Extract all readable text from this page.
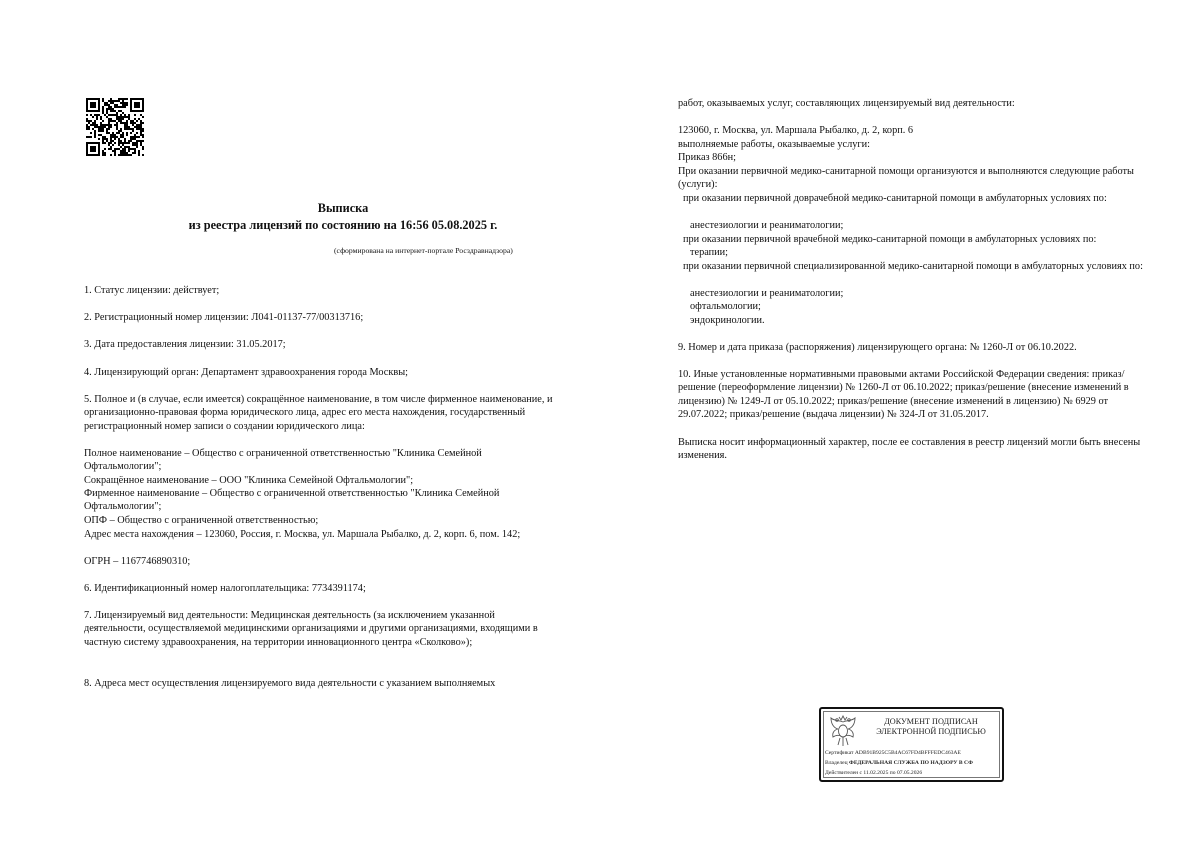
Выписка
из реестра лицензий по состоянию на 16:56 05.08.2025 г.
(сформирована на интернет-портале Росздравнадзора)

1. Статус лицензии: действует;

2. Регистрационный номер лицензии: Л041-01137-77/00313716;

3. Дата предоставления лицензии: 31.05.2017;

4. Лицензирующий орган: Департамент здравоохранения города Москвы;

5. Полное и (в случае, если имеется) сокращённое наименование, в том числе фирменное наименование, и организационно-правовая форма юридического лица, адрес его места нахождения, государственный регистрационный номер записи о создании юридического лица:

Полное наименование – Общество с ограниченной ответственностью "Клиника Семейной Офтальмологии";

Сокращённое наименование – ООО "Клиника Семейной Офтальмологии";

Фирменное наименование – Общество с ограниченной ответственностью "Клиника Семейной Офтальмологии";

ОПФ – Общество с ограниченной ответственностью;

Адрес места нахождения – 123060, Россия, г. Москва, ул. Маршала Рыбалко, д. 2, корп. 6, пом. 142;

ОГРН – 1167746890310;

6. Идентификационный номер налогоплательщика: 7734391174;

7. Лицензируемый вид деятельности: Медицинская деятельность (за исключением указанной деятельности, осуществляемой медицинскими организациями и другими организациями, входящими в частную систему здравоохранения, на территории инновационного центра «Сколково»);

8. Адреса мест осуществления лицензируемого вида деятельности с указанием выполняемых

работ, оказываемых услуг, составляющих лицензируемый вид деятельности:

123060, г. Москва, ул. Маршала Рыбалко, д. 2, корп. 6

выполняемые работы, оказываемые услуги:

Приказ 866н;

При оказании первичной медико-санитарной помощи организуются и выполняются следующие работы (услуги):

при оказании первичной доврачебной медико-санитарной помощи в амбулаторных условиях по:

анестезиологии и реаниматологии;

при оказании первичной врачебной медико-санитарной помощи в амбулаторных условиях по:

терапии;

при оказании первичной специализированной медико-санитарной помощи в амбулаторных условиях по:

анестезиологии и реаниматологии;

офтальмологии;

эндокринологии.

9. Номер и дата приказа (распоряжения) лицензирующего органа: № 1260-Л от 06.10.2022.

10. Иные установленные нормативными правовыми актами Российской Федерации сведения: приказ/решение (переоформление лицензии) № 1260-Л от 06.10.2022; приказ/решение (внесение изменений в лицензию) № 1249-Л от 05.10.2022; приказ/решение (внесение изменений в лицензию) № 6929 от 29.07.2022; приказ/решение (выдача лицензии) № 324-Л от 31.05.2017.

Выписка носит информационный характер, после ее составления в реестр лицензий могли быть внесены изменения.

ДОКУМЕНТ ПОДПИСАН
ЭЛЕКТРОННОЙ ПОДПИСЬЮ
Сертификат ADB91B925C5B4AC67FD4BFFFEDC463AE
Владелец ФЕДЕРАЛЬНАЯ СЛУЖБА ПО НАДЗОРУ В СФ
Действителен с 11.02.2025 по 07.05.2026
